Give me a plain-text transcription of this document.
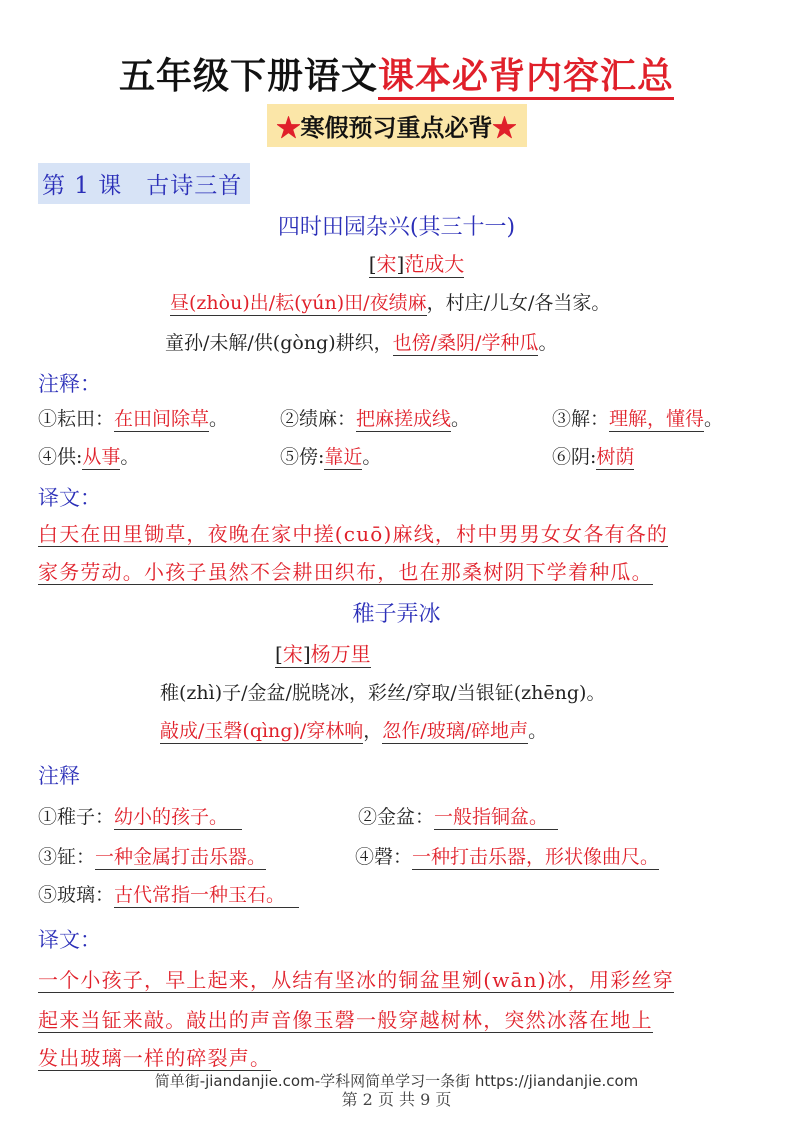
五年级下册语文课本必背内容汇总
★寒假预习重点必背★
第 1 课　古诗三首
四时田园杂兴(其三十一)
[宋]范成大
昼(zhòu)出/耘(yún)田/夜绩麻，村庄/儿女/各当家。
童孙/未解/供(gòng)耕织，也傍/桑阴/学种瓜。
注释：
①耘田：在田间除草。	②绩麻：把麻搓成线。	③解：理解，懂得。
④供:从事。	⑤傍:靠近。	⑥阴:树荫
译文：
白天在田里锄草，夜晚在家中搓(cuō)麻线，村中男男女女各有各的
家务劳动。小孩子虽然不会耕田织布，也在那桑树阴下学着种瓜。
稚子弄冰
[宋]杨万里
稚(zhì)子/金盆/脱晓冰，彩丝/穿取/当银钲(zhēng)。
敲成/玉磬(qìng)/穿林响，忽作/玻璃/碎地声。
注释
①稚子：幼小的孩子。	②金盆：一般指铜盆。
③钲：一种金属打击乐器。	④磬：一种打击乐器，形状像曲尺。
⑤玻璃：古代常指一种玉石。
译文：
一个小孩子，早上起来，从结有坚冰的铜盆里剜(wān)冰，用彩丝穿
起来当钲来敲。敲出的声音像玉磬一般穿越树林，突然冰落在地上
发出玻璃一样的碎裂声。
简单街-jiandanjie.com-学科网简单学习一条街 https://jiandanjie.com
第 2 页 共 9 页
